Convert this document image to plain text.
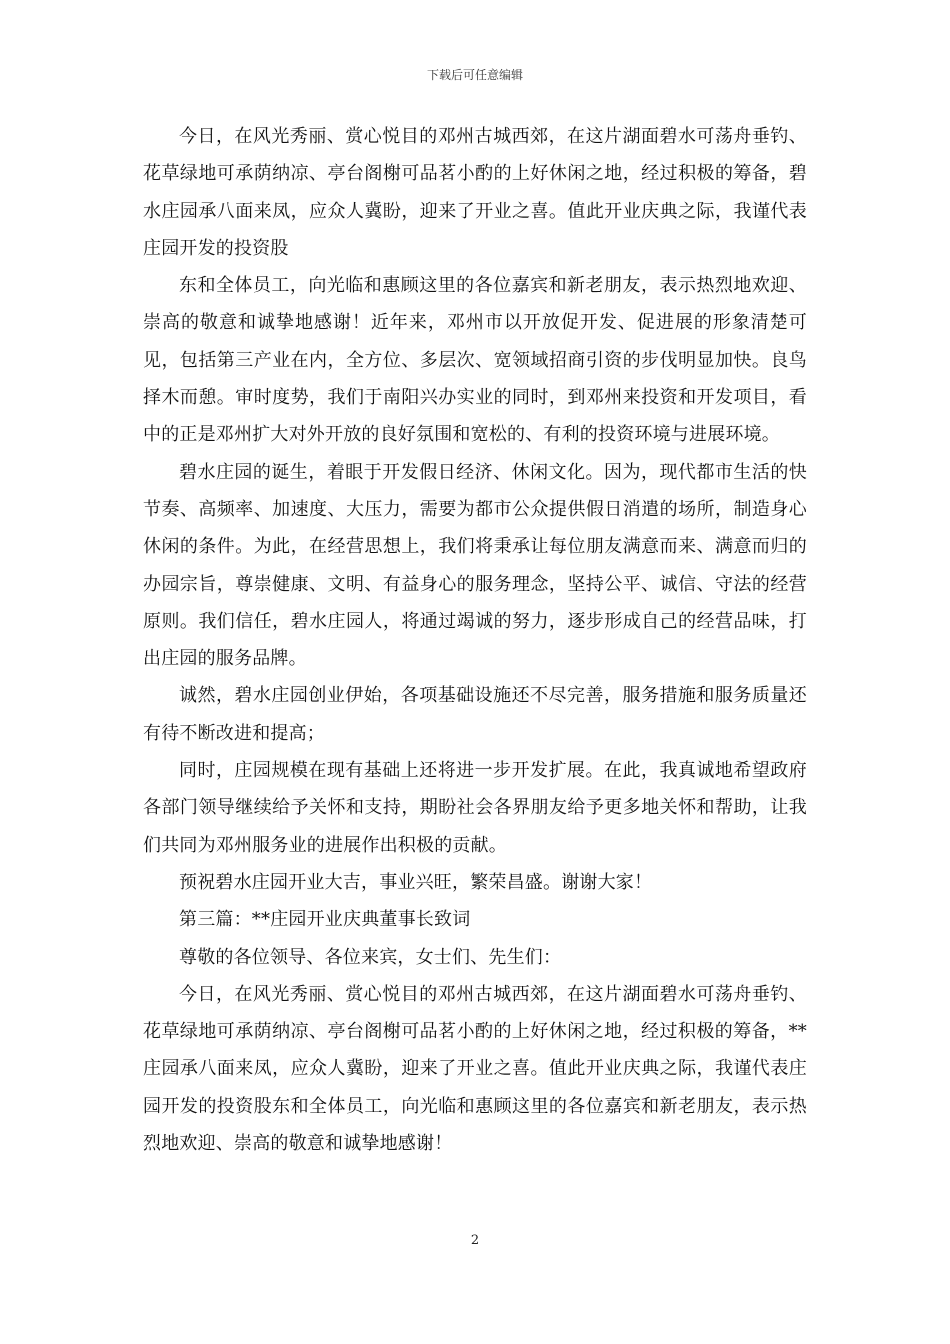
下载后可任意编辑

今日，在风光秀丽、赏心悦目的邓州古城西郊，在这片湖面碧水可荡舟垂钓、花草绿地可承荫纳凉、亭台阁榭可品茗小酌的上好休闲之地，经过积极的筹备，碧水庄园承八面来凤，应众人冀盼，迎来了开业之喜。值此开业庆典之际，我谨代表庄园开发的投资股

东和全体员工，向光临和惠顾这里的各位嘉宾和新老朋友，表示热烈地欢迎、崇高的敬意和诚挚地感谢！近年来，邓州市以开放促开发、促进展的形象清楚可见，包括第三产业在内，全方位、多层次、宽领域招商引资的步伐明显加快。良鸟择木而憩。审时度势，我们于南阳兴办实业的同时，到邓州来投资和开发项目，看中的正是邓州扩大对外开放的良好氛围和宽松的、有利的投资环境与进展环境。

碧水庄园的诞生，着眼于开发假日经济、休闲文化。因为，现代都市生活的快节奏、高频率、加速度、大压力，需要为都市公众提供假日消遣的场所，制造身心休闲的条件。为此，在经营思想上，我们将秉承让每位朋友满意而来、满意而归的办园宗旨，尊崇健康、文明、有益身心的服务理念，坚持公平、诚信、守法的经营原则。我们信任，碧水庄园人，将通过竭诚的努力，逐步形成自己的经营品味，打出庄园的服务品牌。

诚然，碧水庄园创业伊始，各项基础设施还不尽完善，服务措施和服务质量还有待不断改进和提高；

同时，庄园规模在现有基础上还将进一步开发扩展。在此，我真诚地希望政府各部门领导继续给予关怀和支持，期盼社会各界朋友给予更多地关怀和帮助，让我们共同为邓州服务业的进展作出积极的贡献。

预祝碧水庄园开业大吉，事业兴旺，繁荣昌盛。谢谢大家！

第三篇：**庄园开业庆典董事长致词

尊敬的各位领导、各位来宾，女士们、先生们：

今日，在风光秀丽、赏心悦目的邓州古城西郊，在这片湖面碧水可荡舟垂钓、花草绿地可承荫纳凉、亭台阁榭可品茗小酌的上好休闲之地，经过积极的筹备，**庄园承八面来凤，应众人冀盼，迎来了开业之喜。值此开业庆典之际，我谨代表庄园开发的投资股东和全体员工，向光临和惠顾这里的各位嘉宾和新老朋友，表示热烈地欢迎、崇高的敬意和诚挚地感谢！

2
